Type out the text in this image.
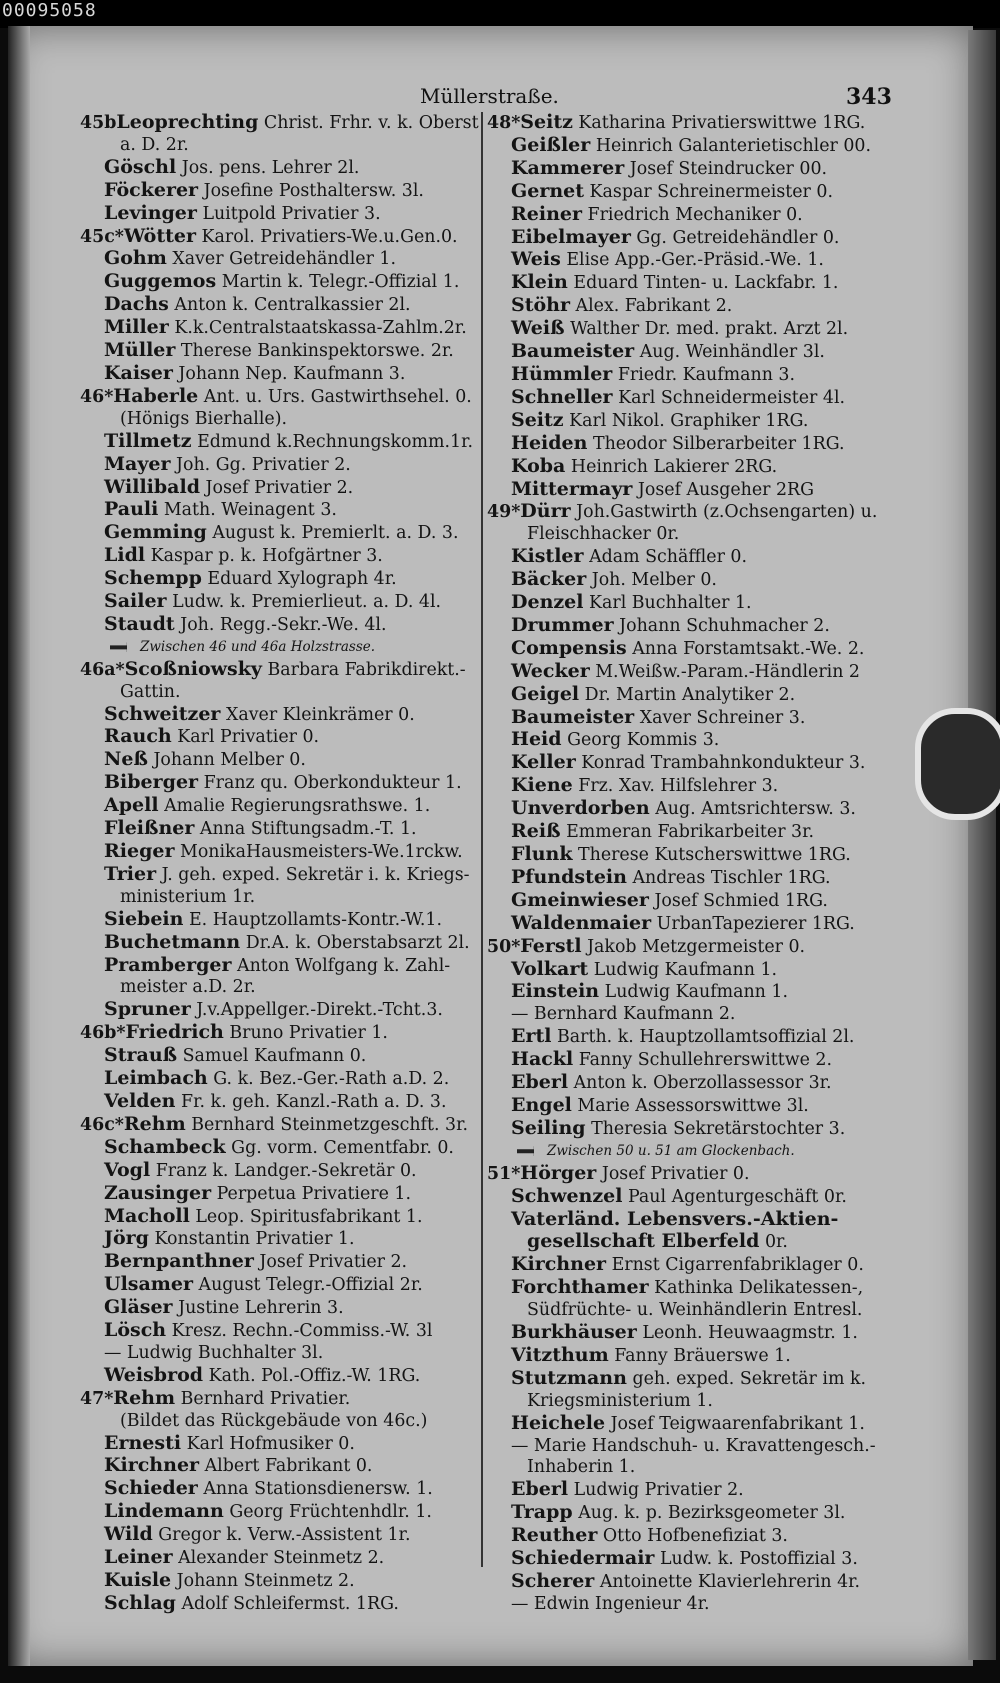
00095058
Müllerstraße.	343
45bLeoprechting Christ. Frhr. v. k. Oberst
a. D. 2r.
Göschl Jos. pens. Lehrer 2l.
Föckerer Josefine Posthaltersw. 3l.
Levinger Luitpold Privatier 3.
45c*Wötter Karol. Privatiers-We.u.Gen.0.
Gohm Xaver Getreidehändler 1.
Guggemos Martin k. Telegr.-Offizial 1.
Dachs Anton k. Centralkassier 2l.
Miller K.k.Centralstaatskassa-Zahlm.2r.
Müller Therese Bankinspektorswe. 2r.
Kaiser Johann Nep. Kaufmann 3.
46*Haberle Ant. u. Urs. Gastwirthsehel. 0.
(Hönigs Bierhalle).
Tillmetz Edmund k.Rechnungskomm.1r.
Mayer Joh. Gg. Privatier 2.
Willibald Josef Privatier 2.
Pauli Math. Weinagent 3.
Gemming August k. Premierlt. a. D. 3.
Lidl Kaspar p. k. Hofgärtner 3.
Schempp Eduard Xylograph 4r.
Sailer Ludw. k. Premierlieut. a. D. 4l.
Staudt Joh. Regg.-Sekr.-We. 4l.
Zwischen 46 und 46a Holzstrasse.
46a*Scoßniowsky Barbara Fabrikdirekt.-
Gattin.
Schweitzer Xaver Kleinkrämer 0.
Rauch Karl Privatier 0.
Neß Johann Melber 0.
Biberger Franz qu. Oberkondukteur 1.
Apell Amalie Regierungsrathswe. 1.
Fleißner Anna Stiftungsadm.-T. 1.
Rieger MonikaHausmeisters-We.1rckw.
Trier J. geh. exped. Sekretär i. k. Kriegs-
ministerium 1r.
Siebein E. Hauptzollamts-Kontr.-W.1.
Buchetmann Dr.A. k. Oberstabsarzt 2l.
Pramberger Anton Wolfgang k. Zahl-
meister a.D. 2r.
Spruner J.v.Appellger.-Direkt.-Tcht.3.
46b*Friedrich Bruno Privatier 1.
Strauß Samuel Kaufmann 0.
Leimbach G. k. Bez.-Ger.-Rath a.D. 2.
Velden Fr. k. geh. Kanzl.-Rath a. D. 3.
46c*Rehm Bernhard Steinmetzgeschft. 3r.
Schambeck Gg. vorm. Cementfabr. 0.
Vogl Franz k. Landger.-Sekretär 0.
Zausinger Perpetua Privatiere 1.
Macholl Leop. Spiritusfabrikant 1.
Jörg Konstantin Privatier 1.
Bernpanthner Josef Privatier 2.
Ulsamer August Telegr.-Offizial 2r.
Gläser Justine Lehrerin 3.
Lösch Kresz. Rechn.-Commiss.-W. 3l
— Ludwig Buchhalter 3l.
Weisbrod Kath. Pol.-Offiz.-W. 1RG.
47*Rehm Bernhard Privatier.
(Bildet das Rückgebäude von 46c.)
Ernesti Karl Hofmusiker 0.
Kirchner Albert Fabrikant 0.
Schieder Anna Stationsdienersw. 1.
Lindemann Georg Früchtenhdlr. 1.
Wild Gregor k. Verw.-Assistent 1r.
Leiner Alexander Steinmetz 2.
Kuisle Johann Steinmetz 2.
Schlag Adolf Schleifermst. 1RG.
48*Seitz Katharina Privatierswittwe 1RG.
Geißler Heinrich Galanterietischler 00.
Kammerer Josef Steindrucker 00.
Gernet Kaspar Schreinermeister 0.
Reiner Friedrich Mechaniker 0.
Eibelmayer Gg. Getreidehändler 0.
Weis Elise App.-Ger.-Präsid.-We. 1.
Klein Eduard Tinten- u. Lackfabr. 1.
Stöhr Alex. Fabrikant 2.
Weiß Walther Dr. med. prakt. Arzt 2l.
Baumeister Aug. Weinhändler 3l.
Hümmler Friedr. Kaufmann 3.
Schneller Karl Schneidermeister 4l.
Seitz Karl Nikol. Graphiker 1RG.
Heiden Theodor Silberarbeiter 1RG.
Koba Heinrich Lakierer 2RG.
Mittermayr Josef Ausgeher 2RG
49*Dürr Joh.Gastwirth (z.Ochsengarten) u.
Fleischhacker 0r.
Kistler Adam Schäffler 0.
Bäcker Joh. Melber 0.
Denzel Karl Buchhalter 1.
Drummer Johann Schuhmacher 2.
Compensis Anna Forstamtsakt.-We. 2.
Wecker M.Weißw.-Param.-Händlerin 2
Geigel Dr. Martin Analytiker 2.
Baumeister Xaver Schreiner 3.
Heid Georg Kommis 3.
Keller Konrad Trambahnkondukteur 3.
Kiene Frz. Xav. Hilfslehrer 3.
Unverdorben Aug. Amtsrichtersw. 3.
Reiß Emmeran Fabrikarbeiter 3r.
Flunk Therese Kutscherswittwe 1RG.
Pfundstein Andreas Tischler 1RG.
Gmeinwieser Josef Schmied 1RG.
Waldenmaier UrbanTapezierer 1RG.
50*Ferstl Jakob Metzgermeister 0.
Volkart Ludwig Kaufmann 1.
Einstein Ludwig Kaufmann 1.
— Bernhard Kaufmann 2.
Ertl Barth. k. Hauptzollamtsoffizial 2l.
Hackl Fanny Schullehrerswittwe 2.
Eberl Anton k. Oberzollassessor 3r.
Engel Marie Assessorswittwe 3l.
Seiling Theresia Sekretärstochter 3.
Zwischen 50 u. 51 am Glockenbach.
51*Hörger Josef Privatier 0.
Schwenzel Paul Agenturgeschäft 0r.
Vaterländ. Lebensvers.-Aktien-
gesellschaft Elberfeld 0r.
Kirchner Ernst Cigarrenfabriklager 0.
Forchthamer Kathinka Delikatessen-,
Südfrüchte- u. Weinhändlerin Entresl.
Burkhäuser Leonh. Heuwaagmstr. 1.
Vitzthum Fanny Bräuerswe 1.
Stutzmann geh. exped. Sekretär im k.
Kriegsministerium 1.
Heichele Josef Teigwaarenfabrikant 1.
— Marie Handschuh- u. Kravattengesch.-
Inhaberin 1.
Eberl Ludwig Privatier 2.
Trapp Aug. k. p. Bezirksgeometer 3l.
Reuther Otto Hofbenefiziat 3.
Schiedermair Ludw. k. Postoffizial 3.
Scherer Antoinette Klavierlehrerin 4r.
— Edwin Ingenieur 4r.
